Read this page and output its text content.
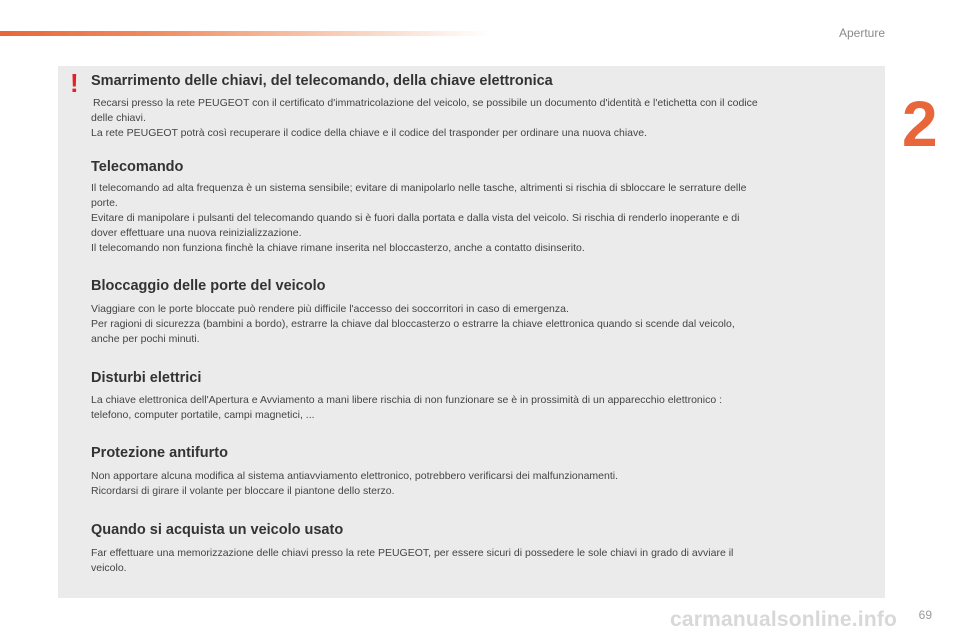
Aperture
2
! Smarrimento delle chiavi, del telecomando, della chiave elettronica
Recarsi presso la rete PEUGEOT con il certificato d'immatricolazione del veicolo, se possibile un documento d'identità e l'etichetta con il codice
delle chiavi.
La rete PEUGEOT potrà così recuperare il codice della chiave e il codice del trasponder per ordinare una nuova chiave.
Telecomando
Il telecomando ad alta frequenza è un sistema sensibile; evitare di manipolarlo nelle tasche, altrimenti si rischia di sbloccare le serrature delle
porte.
Evitare di manipolare i pulsanti del telecomando quando si è fuori dalla portata e dalla vista del veicolo. Si rischia di renderlo inoperante e di
dover effettuare una nuova reinizializzazione.
Il telecomando non funziona finchè la chiave rimane inserita nel bloccasterzo, anche a contatto disinserito.
Bloccaggio delle porte del veicolo
Viaggiare con le porte bloccate può rendere più difficile l'accesso dei soccorritori in caso di emergenza.
Per ragioni di sicurezza (bambini a bordo), estrarre la chiave dal bloccasterzo o estrarre la chiave elettronica quando si scende dal veicolo,
anche per pochi minuti.
Disturbi elettrici
La chiave elettronica dell'Apertura e Avviamento a mani libere rischia di non funzionare se è in prossimità di un apparecchio elettronico :
telefono, computer portatile, campi magnetici, ...
Protezione antifurto
Non apportare alcuna modifica al sistema antiavviamento elettronico, potrebbero verificarsi dei malfunzionamenti.
Ricordarsi di girare il volante per bloccare il piantone dello sterzo.
Quando si acquista un veicolo usato
Far effettuare una memorizzazione delle chiavi presso la rete PEUGEOT, per essere sicuri di possedere le sole chiavi in grado di avviare il
veicolo.
carmanualsonline.info 69
